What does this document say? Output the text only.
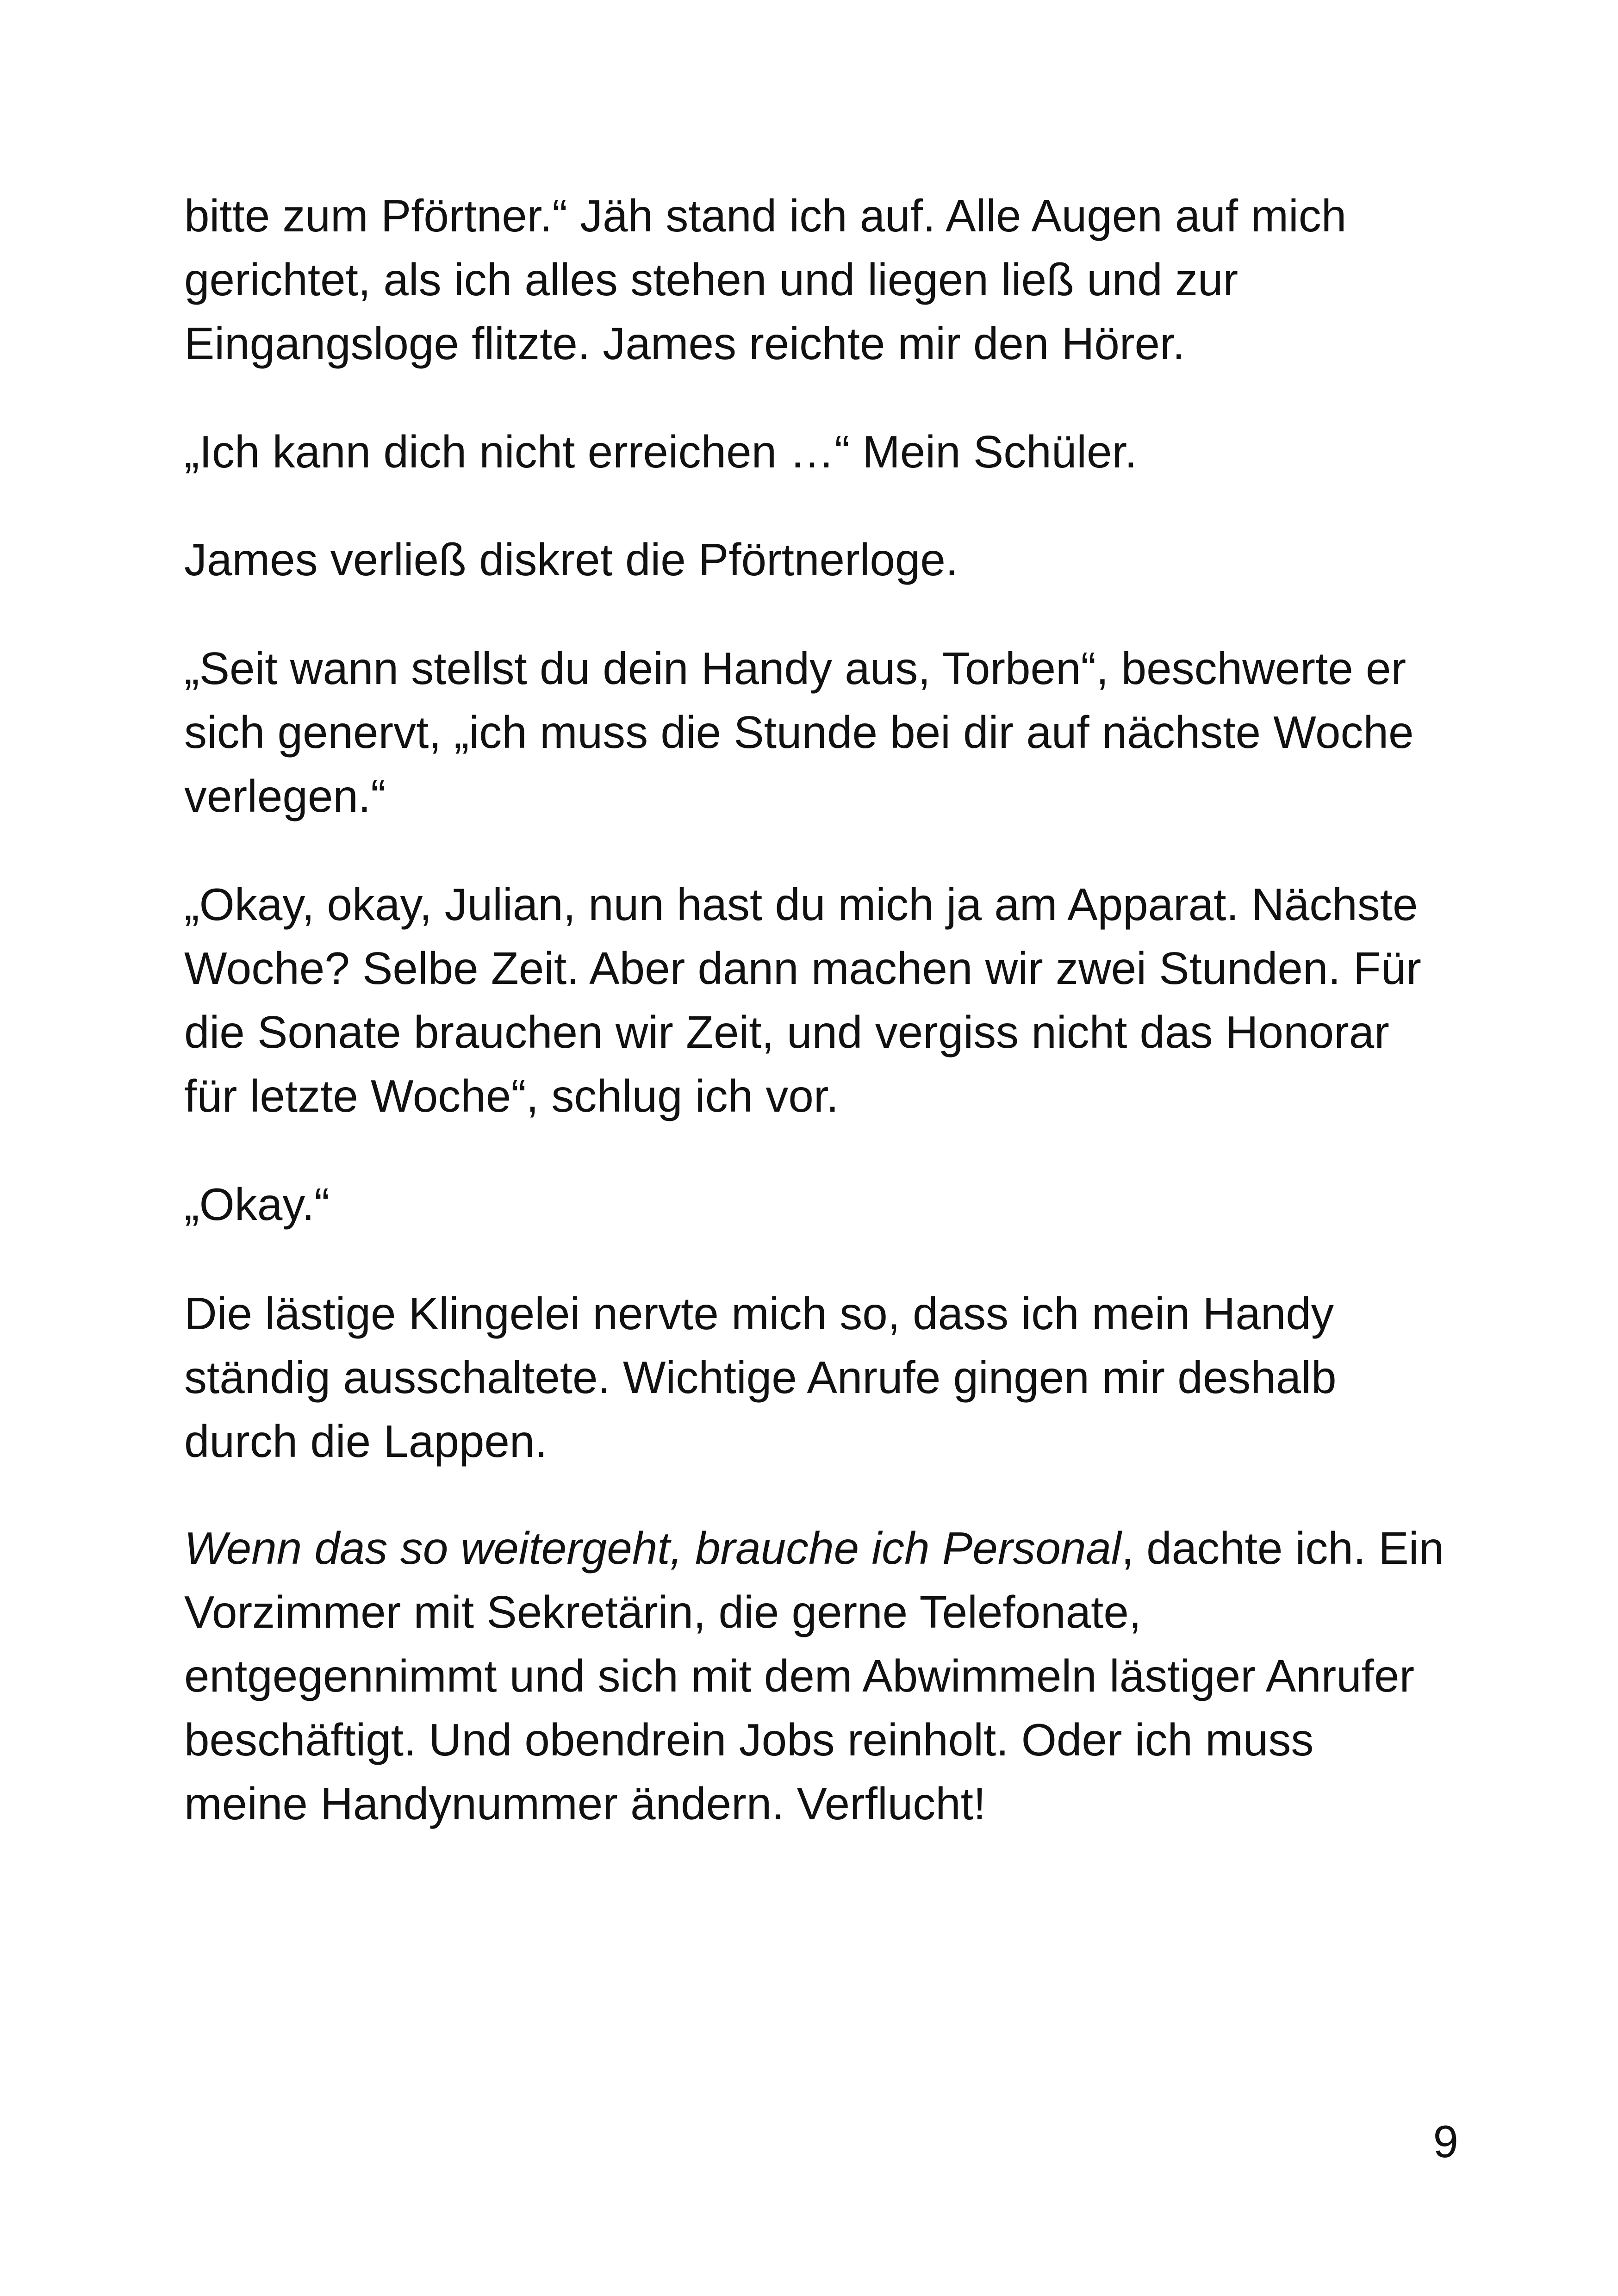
bitte zum Pförtner.“ Jäh stand ich auf. Alle Augen auf mich
gerichtet, als ich alles stehen und liegen ließ und zur
Eingangsloge flitzte. James reichte mir den Hörer.

„Ich kann dich nicht erreichen …“ Mein Schüler.

James verließ diskret die Pförtnerloge.

„Seit wann stellst du dein Handy aus, Torben“, beschwerte er
sich genervt, „ich muss die Stunde bei dir auf nächste Woche
verlegen.“

„Okay, okay, Julian, nun hast du mich ja am Apparat. Nächste
Woche? Selbe Zeit. Aber dann machen wir zwei Stunden. Für
die Sonate brauchen wir Zeit, und vergiss nicht das Honorar
für letzte Woche“, schlug ich vor.

„Okay.“

Die lästige Klingelei nervte mich so, dass ich mein Handy
ständig ausschaltete. Wichtige Anrufe gingen mir deshalb
durch die Lappen.

Wenn das so weitergeht, brauche ich Personal, dachte ich. Ein
Vorzimmer mit Sekretärin, die gerne Telefonate,
entgegennimmt und sich mit dem Abwimmeln lästiger Anrufer
beschäftigt. Und obendrein Jobs reinholt. Oder ich muss
meine Handynummer ändern. Verflucht!

9
